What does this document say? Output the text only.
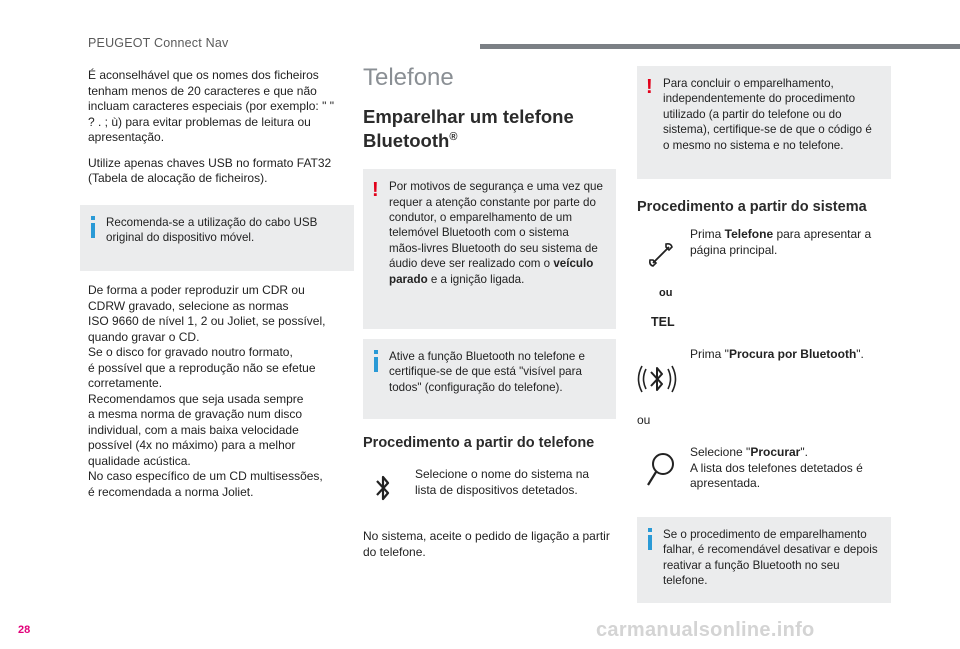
PEUGEOT Connect Nav

É aconselhável que os nomes dos ficheiros tenham menos de 20 caracteres e que não incluam caracteres especiais (por exemplo: " " ? . ; ù) para evitar problemas de leitura ou apresentação.

Utilize apenas chaves USB no formato FAT32 (Tabela de alocação de ficheiros).

Recomenda-se a utilização do cabo USB original do dispositivo móvel.
De forma a poder reproduzir um CDR ou
CDRW gravado, selecione as normas
ISO 9660 de nível 1, 2 ou Joliet, se possível,
quando gravar o CD.
Se o disco for gravado noutro formato,
é possível que a reprodução não se efetue
corretamente.
Recomendamos que seja usada sempre
a mesma norma de gravação num disco
individual, com a mais baixa velocidade
possível (4x no máximo) para a melhor
qualidade acústica.
No caso específico de um CD multisessões,
é recomendada a norma Joliet.
Telefone
Emparelhar um telefone
Bluetooth®
! Por motivos de segurança e uma vez que requer a atenção constante por parte do condutor, o emparelhamento de um telemóvel Bluetooth com o sistema mãos-livres Bluetooth do seu sistema de áudio deve ser realizado com o veículo parado e a ignição ligada.
Ative a função Bluetooth no telefone e certifique-se de que está "visível para todos" (configuração do telefone).
Procedimento a partir do telefone
Selecione o nome do sistema na lista de dispositivos detetados.

No sistema, aceite o pedido de ligação a partir do telefone.

! Para concluir o emparelhamento, independentemente do procedimento utilizado (a partir do telefone ou do sistema), certifique-se de que o código é o mesmo no sistema e no telefone.
Procedimento a partir do sistema
ou
Prima Telefone para apresentar a página principal.
TEL
Prima "Procura por Bluetooth".
ou
Selecione "Procurar".
A lista dos telefones detetados é apresentada.
Se o procedimento de emparelhamento falhar, é recomendável desativar e depois reativar a função Bluetooth no seu telefone.
28	carmanualsonline.info
